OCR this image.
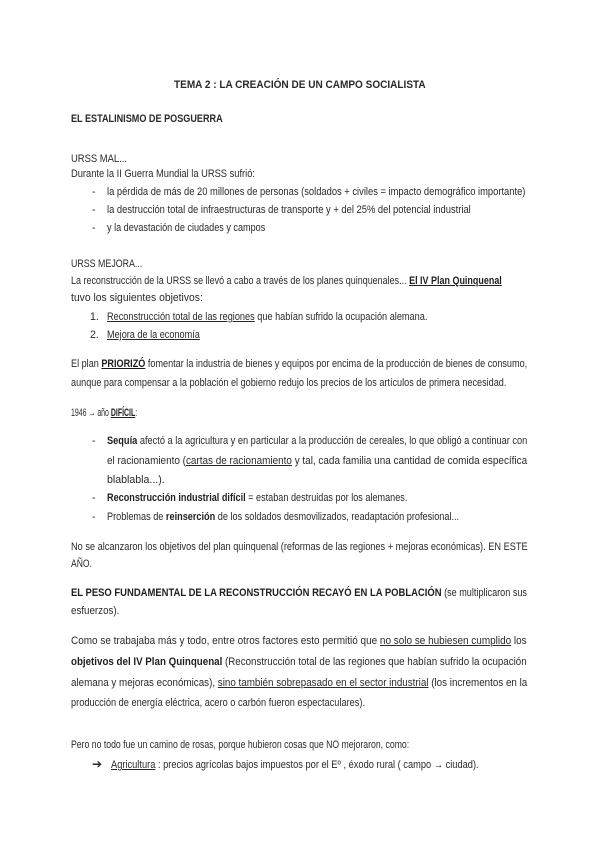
TEMA 2 : LA CREACIÓN DE UN CAMPO SOCIALISTA
EL ESTALINISMO DE POSGUERRA
URSS MAL...
Durante la II Guerra Mundial la URSS sufrió:
- la pérdida de más de 20 millones de personas (soldados + civiles = impacto demográfico importante)
- la destrucción total de infraestructuras de transporte y + del 25% del potencial industrial
- y la devastación de ciudades y campos
URSS MEJORA...
La reconstrucción de la URSS se llevó a cabo a través de los planes quinquenales... El IV Plan Quinquenal
tuvo los siguientes objetivos:
1. Reconstrucción total de las regiones que habían sufrido la ocupación alemana.
2. Mejora de la economía
El plan PRIORIZÓ fomentar la industria de bienes y equipos por encima de la producción de bienes de consumo,
aunque para compensar a la población el gobierno redujo los precios de los artículos de primera necesidad.
1946 → año DIFÍCIL:
- Sequía afectó a la agricultura y en particular a la producción de cereales, lo que obligó a continuar con
el racionamiento (cartas de racionamiento y tal, cada familia una cantidad de comida específica
blablabla...).
- Reconstrucción industrial difícil = estaban destruidas por los alemanes.
- Problemas de reinserción de los soldados desmovilizados, readaptación profesional...
No se alcanzaron los objetivos del plan quinquenal (reformas de las regiones + mejoras económicas). EN ESTE
AÑO.
EL PESO FUNDAMENTAL DE LA RECONSTRUCCIÓN RECAYÓ EN LA POBLACIÓN (se multiplicaron sus
esfuerzos).
Como se trabajaba más y todo, entre otros factores esto permitió que no solo se hubiesen cumplido los
objetivos del IV Plan Quinquenal (Reconstrucción total de las regiones que habían sufrido la ocupación
alemana y mejoras económicas), sino también sobrepasado en el sector industrial (los incrementos en la
producción de energía eléctrica, acero o carbón fueron espectaculares).
Pero no todo fue un camino de rosas, porque hubieron cosas que NO mejoraron, como:
➔ Agricultura : precios agrícolas bajos impuestos por el Eº , éxodo rural ( campo → ciudad).
